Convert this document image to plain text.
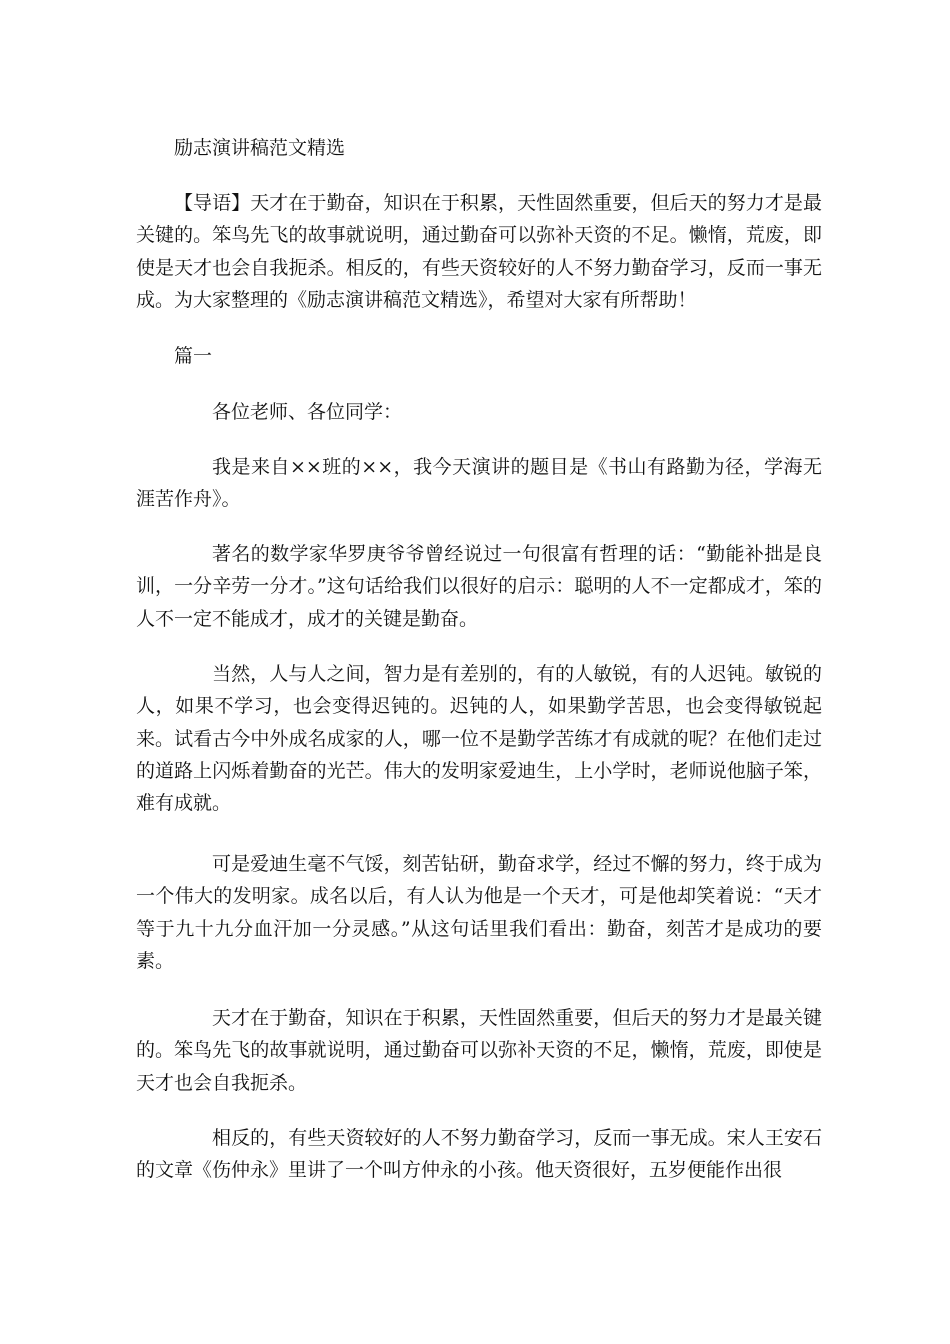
励志演讲稿范文精选

【导语】天才在于勤奋，知识在于积累，天性固然重要，但后天的努力才是最关键的。笨鸟先飞的故事就说明，通过勤奋可以弥补天资的不足。懒惰，荒废，即使是天才也会自我扼杀。相反的，有些天资较好的人不努力勤奋学习，反而一事无成。为大家整理的《励志演讲稿范文精选》，希望对大家有所帮助！

篇一

各位老师、各位同学：

我是来自××班的××，我今天演讲的题目是《书山有路勤为径，学海无涯苦作舟》。

著名的数学家华罗庚爷爷曾经说过一句很富有哲理的话：“勤能补拙是良训，一分辛劳一分才。”这句话给我们以很好的启示：聪明的人不一定都成才，笨的人不一定不能成才，成才的关键是勤奋。

当然，人与人之间，智力是有差别的，有的人敏锐，有的人迟钝。敏锐的人，如果不学习，也会变得迟钝的。迟钝的人，如果勤学苦思，也会变得敏锐起来。试看古今中外成名成家的人，哪一位不是勤学苦练才有成就的呢？在他们走过的道路上闪烁着勤奋的光芒。伟大的发明家爱迪生，上小学时，老师说他脑子笨，难有成就。

可是爱迪生毫不气馁，刻苦钻研，勤奋求学，经过不懈的努力，终于成为一个伟大的发明家。成名以后，有人认为他是一个天才，可是他却笑着说：“天才等于九十九分血汗加一分灵感。”从这句话里我们看出：勤奋，刻苦才是成功的要素。

天才在于勤奋，知识在于积累，天性固然重要，但后天的努力才是最关键的。笨鸟先飞的故事就说明，通过勤奋可以弥补天资的不足，懒惰，荒废，即使是天才也会自我扼杀。

相反的，有些天资较好的人不努力勤奋学习，反而一事无成。宋人王安石的文章《伤仲永》里讲了一个叫方仲永的小孩。他天资很好，五岁便能作出很
